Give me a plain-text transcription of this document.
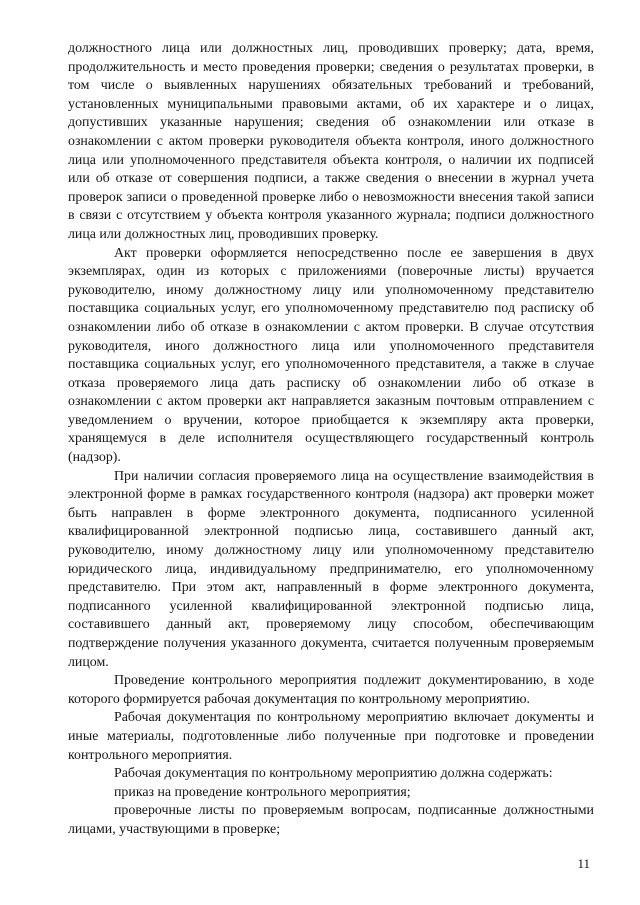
должностного лица или должностных лиц, проводивших проверку; дата, время, продолжительность и место проведения проверки; сведения о результатах проверки, в том числе о выявленных нарушениях обязательных требований и требований, установленных муниципальными правовыми актами, об их характере и о лицах, допустивших указанные нарушения; сведения об ознакомлении или отказе в ознакомлении с актом проверки руководителя объекта контроля, иного должностного лица или уполномоченного представителя объекта контроля, о наличии их подписей или об отказе от совершения подписи, а также сведения о внесении в журнал учета проверок записи о проведенной проверке либо о невозможности внесения такой записи в связи с отсутствием у объекта контроля указанного журнала; подписи должностного лица или должностных лиц, проводивших проверку.

Акт проверки оформляется непосредственно после ее завершения в двух экземплярах, один из которых с приложениями (поверочные листы) вручается руководителю, иному должностному лицу или уполномоченному представителю поставщика социальных услуг, его уполномоченному представителю под расписку об ознакомлении либо об отказе в ознакомлении с актом проверки. В случае отсутствия руководителя, иного должностного лица или уполномоченного представителя поставщика социальных услуг, его уполномоченного представителя, а также в случае отказа проверяемого лица дать расписку об ознакомлении либо об отказе в ознакомлении с актом проверки акт направляется заказным почтовым отправлением с уведомлением о вручении, которое приобщается к экземпляру акта проверки, хранящемуся в деле исполнителя осуществляющего государственный контроль (надзор).

При наличии согласия проверяемого лица на осуществление взаимодействия в электронной форме в рамках государственного контроля (надзора) акт проверки может быть направлен в форме электронного документа, подписанного усиленной квалифицированной электронной подписью лица, составившего данный акт, руководителю, иному должностному лицу или уполномоченному представителю юридического лица, индивидуальному предпринимателю, его уполномоченному представителю. При этом акт, направленный в форме электронного документа, подписанного усиленной квалифицированной электронной подписью лица, составившего данный акт, проверяемому лицу способом, обеспечивающим подтверждение получения указанного документа, считается полученным проверяемым лицом.

Проведение контрольного мероприятия подлежит документированию, в ходе которого формируется рабочая документация по контрольному мероприятию.

Рабочая документация по контрольному мероприятию включает документы и иные материалы, подготовленные либо полученные при подготовке и проведении контрольного мероприятия.

Рабочая документация по контрольному мероприятию должна содержать:

приказ на проведение контрольного мероприятия;

проверочные листы по проверяемым вопросам, подписанные должностными лицами, участвующими в проверке;

11
